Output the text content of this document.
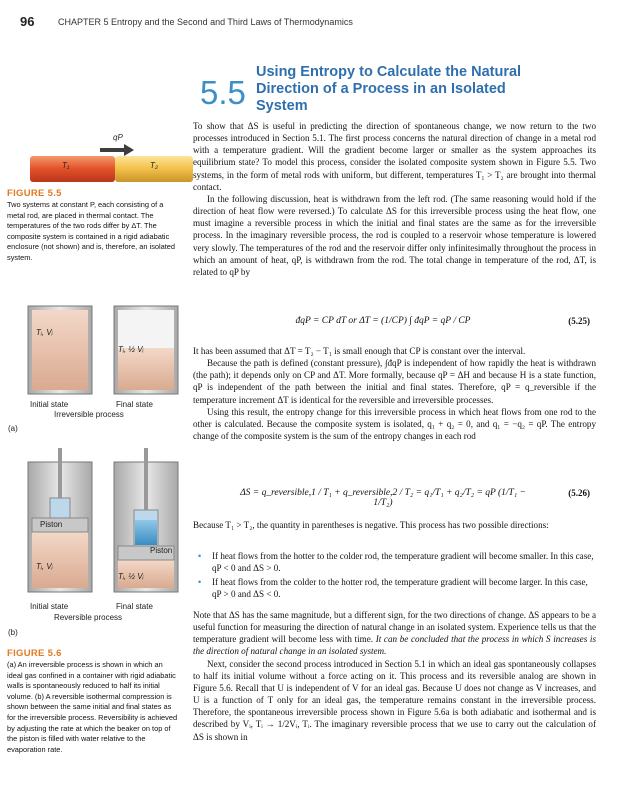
96	CHAPTER 5 Entropy and the Second and Third Laws of Thermodynamics
5.5
Using Entropy to Calculate the Natural Direction of a Process in an Isolated System
qP
T₁	T₂
FIGURE 5.5

Two systems at constant P, each consisting of a metal rod, are placed in thermal contact. The temperatures of the two rods differ by ΔT. The composite system is contained in a rigid adiabatic enclosure (not shown) and is, therefore, an isolated system.

Tᵢ, Vᵢ
Tᵢ, ½ Vᵢ
Initial state	Final state
Irreversible process
(a)
Piston
Piston
Tᵢ, Vᵢ
Tᵢ, ½ Vᵢ
Initial state	Final state
Reversible process
(b)
FIGURE 5.6

(a) An irreversible process is shown in which an ideal gas confined in a container with rigid adiabatic walls is spontaneously reduced to half its initial volume. (b) A reversible isothermal compression is shown between the same initial and final states as for the irreversible process. Reversibility is achieved by adjusting the rate at which the beaker on top of the piston is filled with water relative to the evaporation rate.

To show that ΔS is useful in predicting the direction of spontaneous change, we now return to the two processes introduced in Section 5.1. The first process concerns the natural direction of change in a metal rod with a temperature gradient. Will the gradient become larger or smaller as the system approaches its equilibrium state? To model this process, consider the isolated composite system shown in Figure 5.5. Two systems, in the form of metal rods with uniform, but different, temperatures T₁ > T₂ are brought into thermal contact.

In the following discussion, heat is withdrawn from the left rod. (The same reasoning would hold if the direction of heat flow were reversed.) To calculate ΔS for this irreversible process using the heat flow, one must imagine a reversible process in which the initial and final states are the same as for the irreversible process. In the imaginary reversible process, the rod is coupled to a reservoir whose temperature is lowered very slowly. The temperatures of the rod and the reservoir differ only infinitesimally throughout the process in which an amount of heat, qP, is withdrawn from the rod. The total change in temperature of the rod, ΔT, is related to qP by

đqP = CP dT or ΔT = (1/CP) ∫ đqP = qP / CP	(5.25)

It has been assumed that ΔT = T₂ − T₁ is small enough that CP is constant over the interval.

Because the path is defined (constant pressure), ∫đqP is independent of how rapidly the heat is withdrawn (the path); it depends only on CP and ΔT. More formally, because qP = ΔH and because H is a state function, qP is independent of the path between the initial and final states. Therefore, qP = q_reversible if the temperature increment ΔT is identical for the reversible and irreversible processes.

Using this result, the entropy change for this irreversible process in which heat flows from one rod to the other is calculated. Because the composite system is isolated, q₁ + q₂ = 0, and q₁ = −q₂ = qP. The entropy change of the composite system is the sum of the entropy changes in each rod

ΔS = q_reversible,1 / T₁ + q_reversible,2 / T₂ = q₁/T₁ + q₂/T₂ = qP (1/T₁ − 1/T₂)
(5.26)

Because T₁ > T₂, the quantity in parentheses is negative. This process has two possible directions:

• If heat flows from the hotter to the colder rod, the temperature gradient will become smaller. In this case, qP < 0 and ΔS > 0.
• If heat flows from the colder to the hotter rod, the temperature gradient will become larger. In this case, qP > 0 and ΔS < 0.

Note that ΔS has the same magnitude, but a different sign, for the two directions of change. ΔS appears to be a useful function for measuring the direction of natural change in an isolated system. Experience tells us that the temperature gradient will become less with time. It can be concluded that the process in which S increases is the direction of natural change in an isolated system.

Next, consider the second process introduced in Section 5.1 in which an ideal gas spontaneously collapses to half its initial volume without a force acting on it. This process and its reversible analog are shown in Figure 5.6. Recall that U is independent of V for an ideal gas. Because U does not change as V increases, and U is a function of T only for an ideal gas, the temperature remains constant in the irreversible process. Therefore, the spontaneous irreversible process shown in Figure 5.6a is both adiabatic and isothermal and is described by Vᵢ, Tᵢ → 1/2Vᵢ, Tᵢ. The imaginary reversible process that we use to carry out the calculation of ΔS is shown in
